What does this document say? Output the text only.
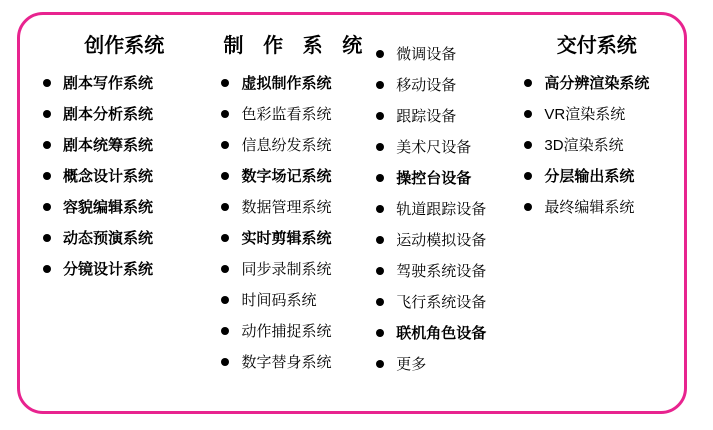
创作系统
剧本写作系统
剧本分析系统
剧本统筹系统
概念设计系统
容貌编辑系统
动态预演系统
分镜设计系统
制 作 系 统
虚拟制作系统
色彩监看系统
信息纷发系统
数字场记系统
数据管理系统
实时剪辑系统
同步录制系统
时间码系统
动作捕捉系统
数字替身系统
微调设备
移动设备
跟踪设备
美术尺设备
操控台设备
轨道跟踪设备
运动模拟设备
驾驶系统设备
飞行系统设备
联机角色设备
更多
交付系统
高分辨渲染系统
VR渲染系统
3D渲染系统
分层输出系统
最终编辑系统
